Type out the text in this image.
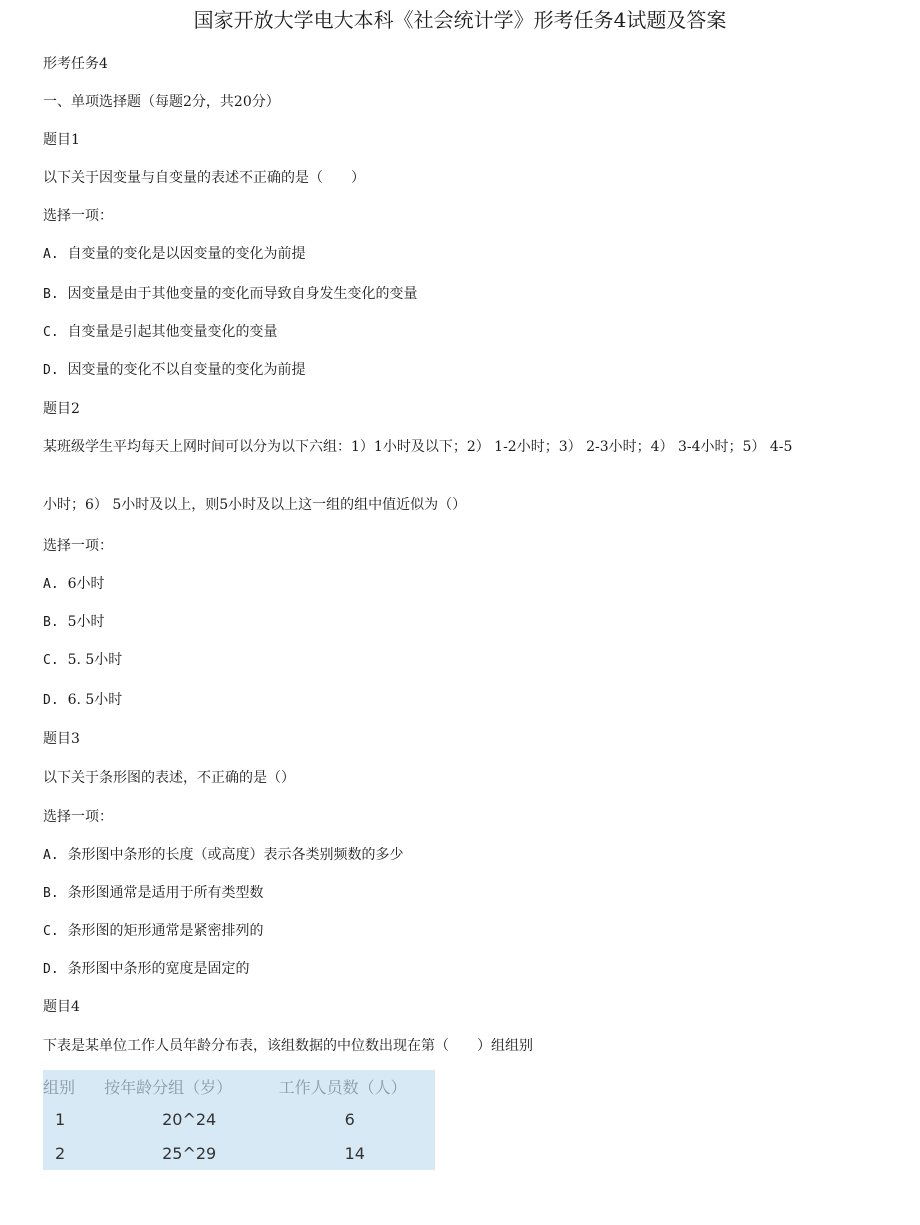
国家开放大学电大本科《社会统计学》形考任务4试题及答案
形考任务4
一、单项选择题（每题2分，共20分）
题目1
以下关于因变量与自变量的表述不正确的是（　　）
选择一项：
A. 自变量的变化是以因变量的变化为前提
B. 因变量是由于其他变量的变化而导致自身发生变化的变量
C. 自变量是引起其他变量变化的变量
D. 因变量的变化不以自变量的变化为前提
题目2
某班级学生平均每天上网时间可以分为以下六组：1）1小时及以下；2） 1-2小时；3） 2-3小时；4） 3-4小时；5） 4-5
小时；6） 5小时及以上，则5小时及以上这一组的组中值近似为（）
选择一项：
A. 6小时
B. 5小时
C. 5. 5小时
D. 6. 5小时
题目3
以下关于条形图的表述，不正确的是（）
选择一项：
A. 条形图中条形的长度（或高度）表示各类别频数的多少
B. 条形图通常是适用于所有类型数
C. 条形图的矩形通常是紧密排列的
D. 条形图中条形的宽度是固定的
题目4
下表是某单位工作人员年龄分布表，该组数据的中位数出现在第（　　）组组别
组别	按年龄分组（岁）	工作人员数（人）
1	20^24	6
2	25^29	14
